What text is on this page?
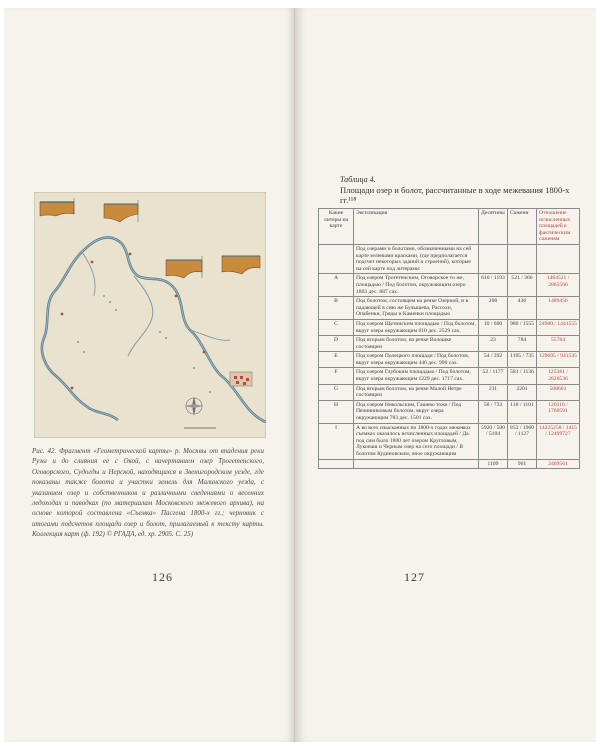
Рис. 42. Фрагмент «Геометрической карты» р. Москвы от впадения реки Рузы и до слияния ее с Окой, с начертанием озер Трогетенского, Оговорского, Судогды и Нерской, находящихся в Звенигородском уезде, где показаны также болота и участки земель для Малинского уезда, с указанием озер и собственников и различными сведениями о весенних ледоходах и паводках (по материалам Московского межевого архива), на основе которой составлена «Съемка» Пасгена 1800-х гг.; черновик с итогами подсчетов площади озер и болот, прилагаемый к тексту карты. Коллекция карт (ф. 192) © РГАДА, ед. хр. 2905. С. 25)
126
Таблица 4.
Площади озер и болот, рассчитанные в ходе межевания 1800-х гг.¹¹⁸
Какие литеры на карте	Экспликация	Десятины	Сажени	Отношение исчисленных площадей к фактическим саженям
	Под озерами и болотами, обозначенными на сей карте зелеными красками, (где предполагается подсчет некоторых зданий и строений), которые на сей карте под литерами:			
A	Под озером Трогетенским, Оговорское то же, площадью / Под болотом, окружающим озеро 1803 дес. 887 сах.	610 / 1193	521 / 366	1464521 / 2865566
B	Под болотом, состоящем на речке Озерной, и в падающей в сию же Булышева, Рассохи, Опабенки, Гряды и Каменки площадью	208	436	1489456
C	Под озером Щетинским площадью / Под болотом, вкруг озера окружающим 610 дес. 2529 сах.	10 / 600	980 / 1555	24980 / 1441555
D	Под вторым болотом, на речке Волошке состоящем	23	784	55784
E	Под озером Полецкого площади / Под болотом, вкруг озера окружающим 446 дес. 990 сах.	54 / 392	1195 / 735	129695 / 941535
F	Под озером Глубоким площадью / Под болотом, вкруг озера окружающим 1229 дес. 1717 сах.	52 / 1177	581 / 1136	125381 / 2826536
G	Под вторым болотом, на речке Малой Нетре состоящем	211	2201	508601
H	Под озером Никольским, Гашево тоже / Под Печинниковым болотом, вкруг озера окружающим 783 дес. 1501 сах.	50 / 733	110 / 1101	120110 / 1760591
I	А во всех изысканных по 1800-х годах межевых съемках оказалось исчисленных площадей / Да под сим было 1800 лет озером Кругловым, Лукопаш и Черным озер на сего площади / В болотом Кудиновским, оное окружающим	5920 / 500 / 5104	853 / 1960 / 1127	14225258 / 1415 / 12499727
		1109	961	2469561
127
